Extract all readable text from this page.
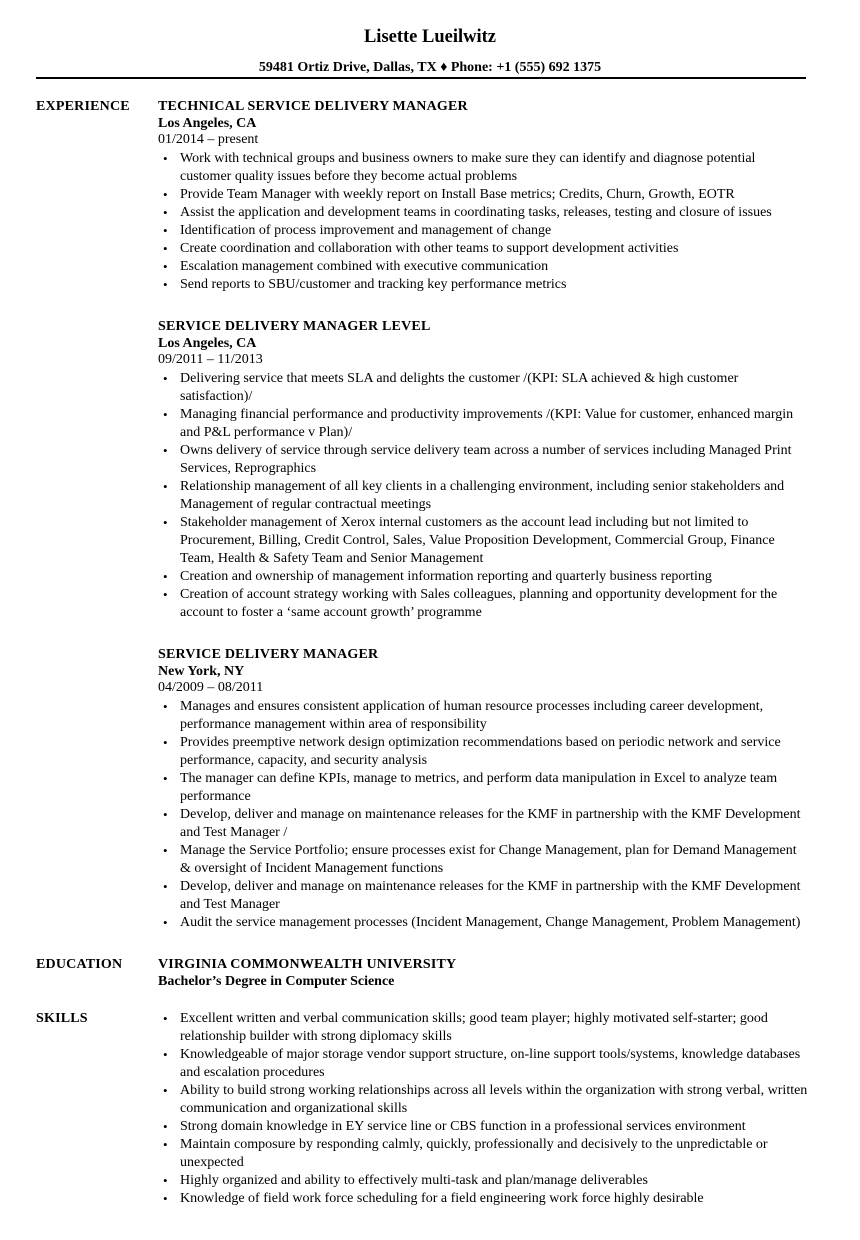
Lisette Lueilwitz
59481 Ortiz Drive, Dallas, TX ♦ Phone: +1 (555) 692 1375
EXPERIENCE TECHNICAL SERVICE DELIVERY MANAGER
Los Angeles, CA
01/2014 – present
• Work with technical groups and business owners to make sure they can identify and diagnose potential customer quality issues before they become actual problems
• Provide Team Manager with weekly report on Install Base metrics; Credits, Churn, Growth, EOTR
• Assist the application and development teams in coordinating tasks, releases, testing and closure of issues
• Identification of process improvement and management of change
• Create coordination and collaboration with other teams to support development activities
• Escalation management combined with executive communication
• Send reports to SBU/customer and tracking key performance metrics
SERVICE DELIVERY MANAGER LEVEL
Los Angeles, CA
09/2011 – 11/2013
• Delivering service that meets SLA and delights the customer /(KPI: SLA achieved & high customer satisfaction)/
• Managing financial performance and productivity improvements /(KPI: Value for customer, enhanced margin and P&L performance v Plan)/
• Owns delivery of service through service delivery team across a number of services including Managed Print Services, Reprographics
• Relationship management of all key clients in a challenging environment, including senior stakeholders and Management of regular contractual meetings
• Stakeholder management of Xerox internal customers as the account lead including but not limited to Procurement, Billing, Credit Control, Sales, Value Proposition Development, Commercial Group, Finance Team, Health & Safety Team and Senior Management
• Creation and ownership of management information reporting and quarterly business reporting
• Creation of account strategy working with Sales colleagues, planning and opportunity development for the account to foster a ‘same account growth’ programme
SERVICE DELIVERY MANAGER
New York, NY
04/2009 – 08/2011
• Manages and ensures consistent application of human resource processes including career development, performance management within area of responsibility
• Provides preemptive network design optimization recommendations based on periodic network and service performance, capacity, and security analysis
• The manager can define KPIs, manage to metrics, and perform data manipulation in Excel to analyze team performance
• Develop, deliver and manage on maintenance releases for the KMF in partnership with the KMF Development and Test Manager /
• Manage the Service Portfolio; ensure processes exist for Change Management, plan for Demand Management & oversight of Incident Management functions
• Develop, deliver and manage on maintenance releases for the KMF in partnership with the KMF Development and Test Manager
• Audit the service management processes (Incident Management, Change Management, Problem Management)
EDUCATION	VIRGINIA COMMONWEALTH UNIVERSITY
Bachelor’s Degree in Computer Science
SKILLS	• Excellent written and verbal communication skills; good team player; highly motivated self-starter; good relationship builder with strong diplomacy skills
• Knowledgeable of major storage vendor support structure, on-line support tools/systems, knowledge databases and escalation procedures
• Ability to build strong working relationships across all levels within the organization with strong verbal, written communication and organizational skills
• Strong domain knowledge in EY service line or CBS function in a professional services environment
• Maintain composure by responding calmly, quickly, professionally and decisively to the unpredictable or unexpected
• Highly organized and ability to effectively multi-task and plan/manage deliverables
• Knowledge of field work force scheduling for a field engineering work force highly desirable
